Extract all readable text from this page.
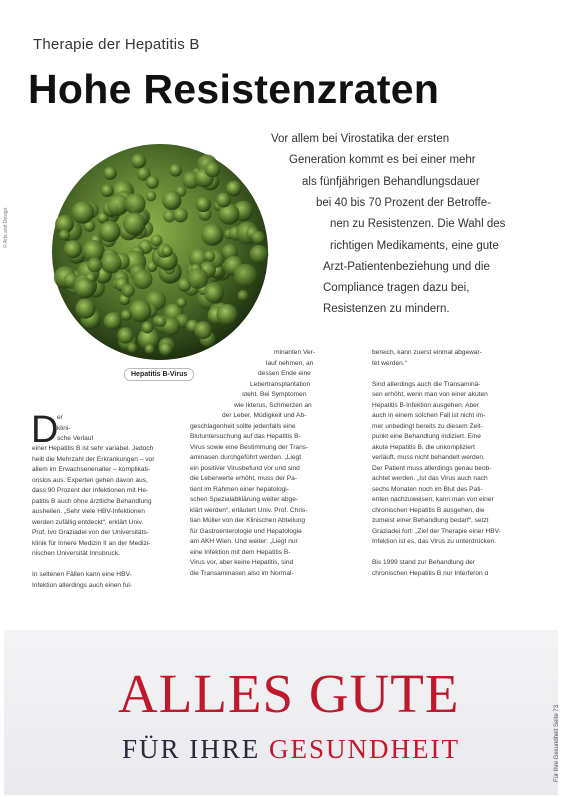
Therapie der Hepatitis B
Hohe Resistenzraten
© Arts and Design
Hepatitis B-Virus
Vor allem bei Virostatika der ersten
Generation kommt es bei einer mehr
als fünfjährigen Behandlungsdauer
bei 40 bis 70 Prozent der Betroffe-
nen zu Resistenzen. Die Wahl des
richtigen Medikaments, eine gute
Arzt-Patientenbeziehung und die
Compliance tragen dazu bei,
Resistenzen zu mindern.
D
er
klini-
sche Verlauf
einer Hepatitis B ist sehr variabel. Jedoch
heilt die Mehrzahl der Erkrankungen – vor
allem im Erwachsenenalter – komplikati-
onslos aus. Experten gehen davon aus,
dass 90 Prozent der Infektionen mit He-
patitis B auch ohne ärztliche Behandlung
ausheilen. „Sehr viele HBV-Infektionen
werden zufällig entdeckt“, erklärt Univ.
Prof. Ivo Graziadei von der Universitäts-
klinik für Innere Medizin II an der Medizi-
nischen Universität Innsbruck.
In seltenen Fällen kann eine HBV-
Infektion allerdings auch einen ful-
minanten Ver-
lauf nehmen, an
dessen Ende eine
Lebertransplantation
steht. Bei Symptomen
wie Ikterus, Schmerzen an
der Leber, Müdigkeit und Ab-
geschlagenheit sollte jedenfalls eine
Blutuntersuchung auf das Hepatitis B-
Virus sowie eine Bestimmung der Trans-
aminasen durchgeführt werden. „Liegt
ein positiver Virusbefund vor und sind
die Leberwerte erhöht, muss der Pa-
tient im Rahmen einer hepatologi-
schen Spezialabklärung weiter abge-
klärt werden“, erläutert Univ. Prof. Chris-
tian Müller von der Klinischen Abteilung
für Gastroenterologie und Hepatologie
am AKH Wien. Und weiter: „Liegt nur
eine Infektion mit dem Hepatitis B-
Virus vor, aber keine Hepatitis, sind
die Transaminasen also im Normal-
bereich, kann zuerst einmal abgewar-
tet werden.“
Sind allerdings auch die Transaminä-
sen erhöht, wenn man von einer akuten
Hepatitis B-Infektion ausgehen. Aber
auch in einem solchen Fall ist nicht im-
mer unbedingt bereits zu diesem Zeit-
punkt eine Behandlung indiziert. Eine
akute Hepatitis B, die unkompliziert
verläuft, muss nicht behandelt werden.
Der Patient muss allerdings genau beob-
achtet werden. „Ist das Virus auch nach
sechs Monaten noch im Blut des Pati-
enten nachzuweisen, kann man von einer
chronischen Hepatitis B ausgehen, die
zumeist einer Behandlung bedarf“, setzt
Graziadei fort: „Ziel der Therapie einer HBV-
Infektion ist es, das Virus zu unterdrücken.
Bis 1999 stand zur Behandlung der
chronischen Hepatitis B nur Interferon α
ALLES GUTE
FÜR IHRE GESUNDHEIT	Für Ihre Gesundheit Seite 73
